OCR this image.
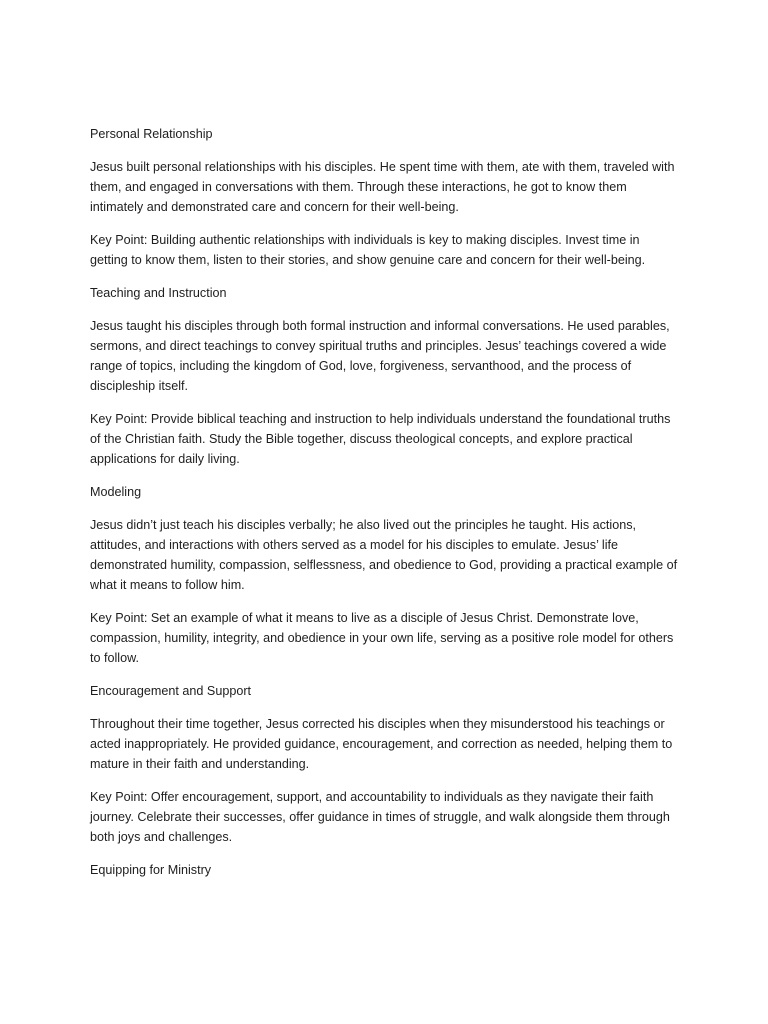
Personal Relationship

Jesus built personal relationships with his disciples. He spent time with them, ate with them, traveled with them, and engaged in conversations with them. Through these interactions, he got to know them intimately and demonstrated care and concern for their well-being.

Key Point: Building authentic relationships with individuals is key to making disciples. Invest time in getting to know them, listen to their stories, and show genuine care and concern for their well-being.

Teaching and Instruction

Jesus taught his disciples through both formal instruction and informal conversations. He used parables, sermons, and direct teachings to convey spiritual truths and principles. Jesus’ teachings covered a wide range of topics, including the kingdom of God, love, forgiveness, servanthood, and the process of discipleship itself.

Key Point: Provide biblical teaching and instruction to help individuals understand the foundational truths of the Christian faith. Study the Bible together, discuss theological concepts, and explore practical applications for daily living.

Modeling

Jesus didn’t just teach his disciples verbally; he also lived out the principles he taught. His actions, attitudes, and interactions with others served as a model for his disciples to emulate. Jesus’ life demonstrated humility, compassion, selflessness, and obedience to God, providing a practical example of what it means to follow him.

Key Point: Set an example of what it means to live as a disciple of Jesus Christ. Demonstrate love, compassion, humility, integrity, and obedience in your own life, serving as a positive role model for others to follow.

Encouragement and Support

Throughout their time together, Jesus corrected his disciples when they misunderstood his teachings or acted inappropriately. He provided guidance, encouragement, and correction as needed, helping them to mature in their faith and understanding.

Key Point: Offer encouragement, support, and accountability to individuals as they navigate their faith journey. Celebrate their successes, offer guidance in times of struggle, and walk alongside them through both joys and challenges.

Equipping for Ministry
